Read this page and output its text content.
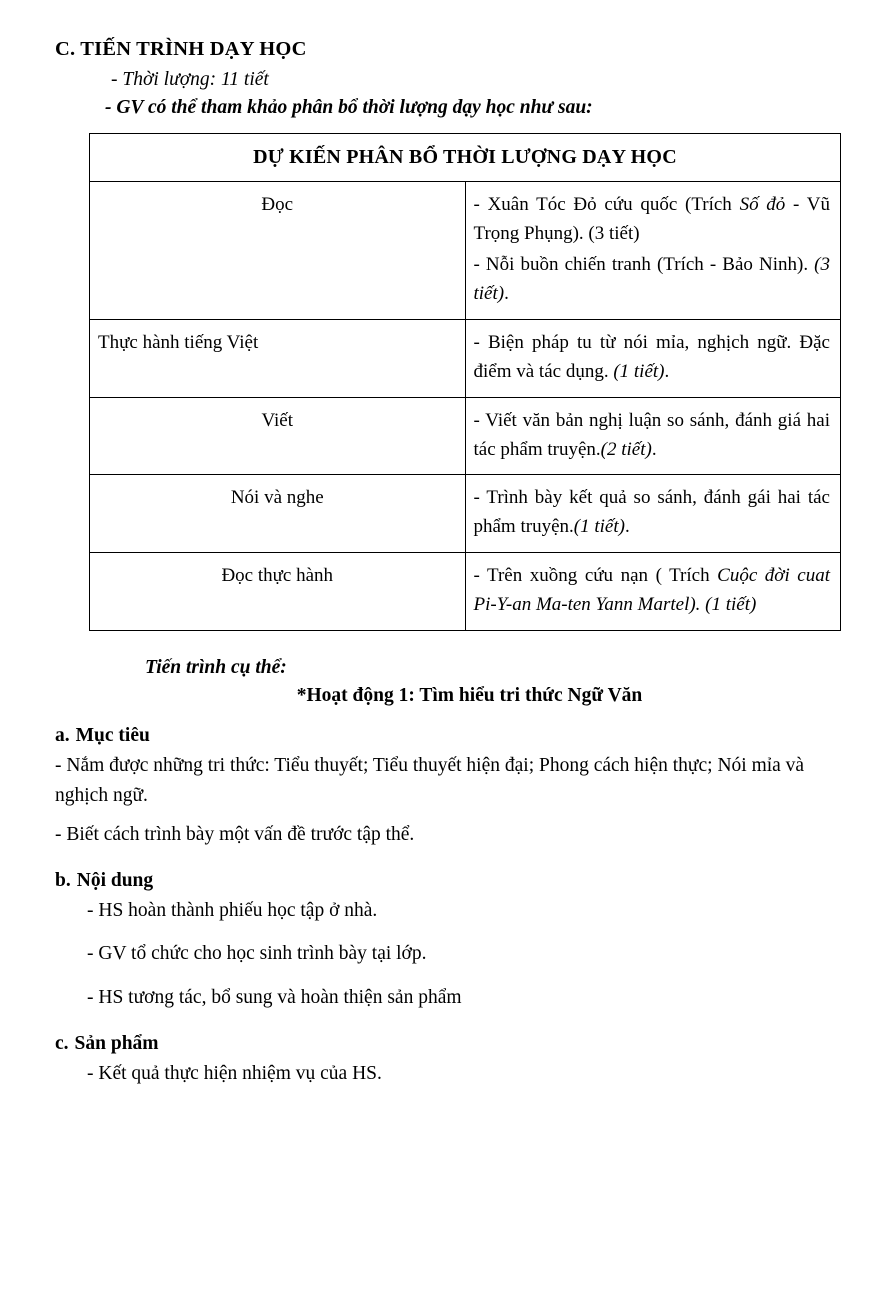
C. TIẾN TRÌNH DẠY HỌC

- Thời lượng: 11 tiết

- GV có thể tham khảo phân bổ thời lượng dạy học như sau:

DỰ KIẾN PHÂN BỔ THỜI LƯỢNG DẠY HỌC	
Đọc	- Xuân Tóc Đỏ cứu quốc (Trích Số đỏ - Vũ Trọng Phụng). (3 tiết)

- Nỗi buồn chiến tranh (Trích - Bảo Ninh). (3 tiết).

Thực hành tiếng Việt	- Biện pháp tu từ nói mỉa, nghịch ngữ. Đặc điểm và tác dụng. (1 tiết).

Viết	- Viết văn bản nghị luận so sánh, đánh giá hai tác phẩm truyện.(2 tiết).

Nói và nghe	- Trình bày kết quả so sánh, đánh gái hai tác phẩm truyện.(1 tiết).

Đọc thực hành	- Trên xuồng cứu nạn ( Trích Cuộc đời cuat Pi-Y-an Ma-ten Yann Martel). (1 tiết)

Tiến trình cụ thể:

*Hoạt động 1: Tìm hiểu tri thức Ngữ Văn

a. Mục tiêu

- Nắm được những tri thức: Tiểu thuyết; Tiểu thuyết hiện đại; Phong cách hiện thực; Nói mỉa và nghịch ngữ.

- Biết cách trình bày một vấn đề trước tập thể.

b. Nội dung

- HS hoàn thành phiếu học tập ở nhà.

- GV tổ chức cho học sinh trình bày tại lớp.

- HS tương tác, bổ sung và hoàn thiện sản phẩm

c. Sản phẩm

- Kết quả thực hiện nhiệm vụ của HS.
